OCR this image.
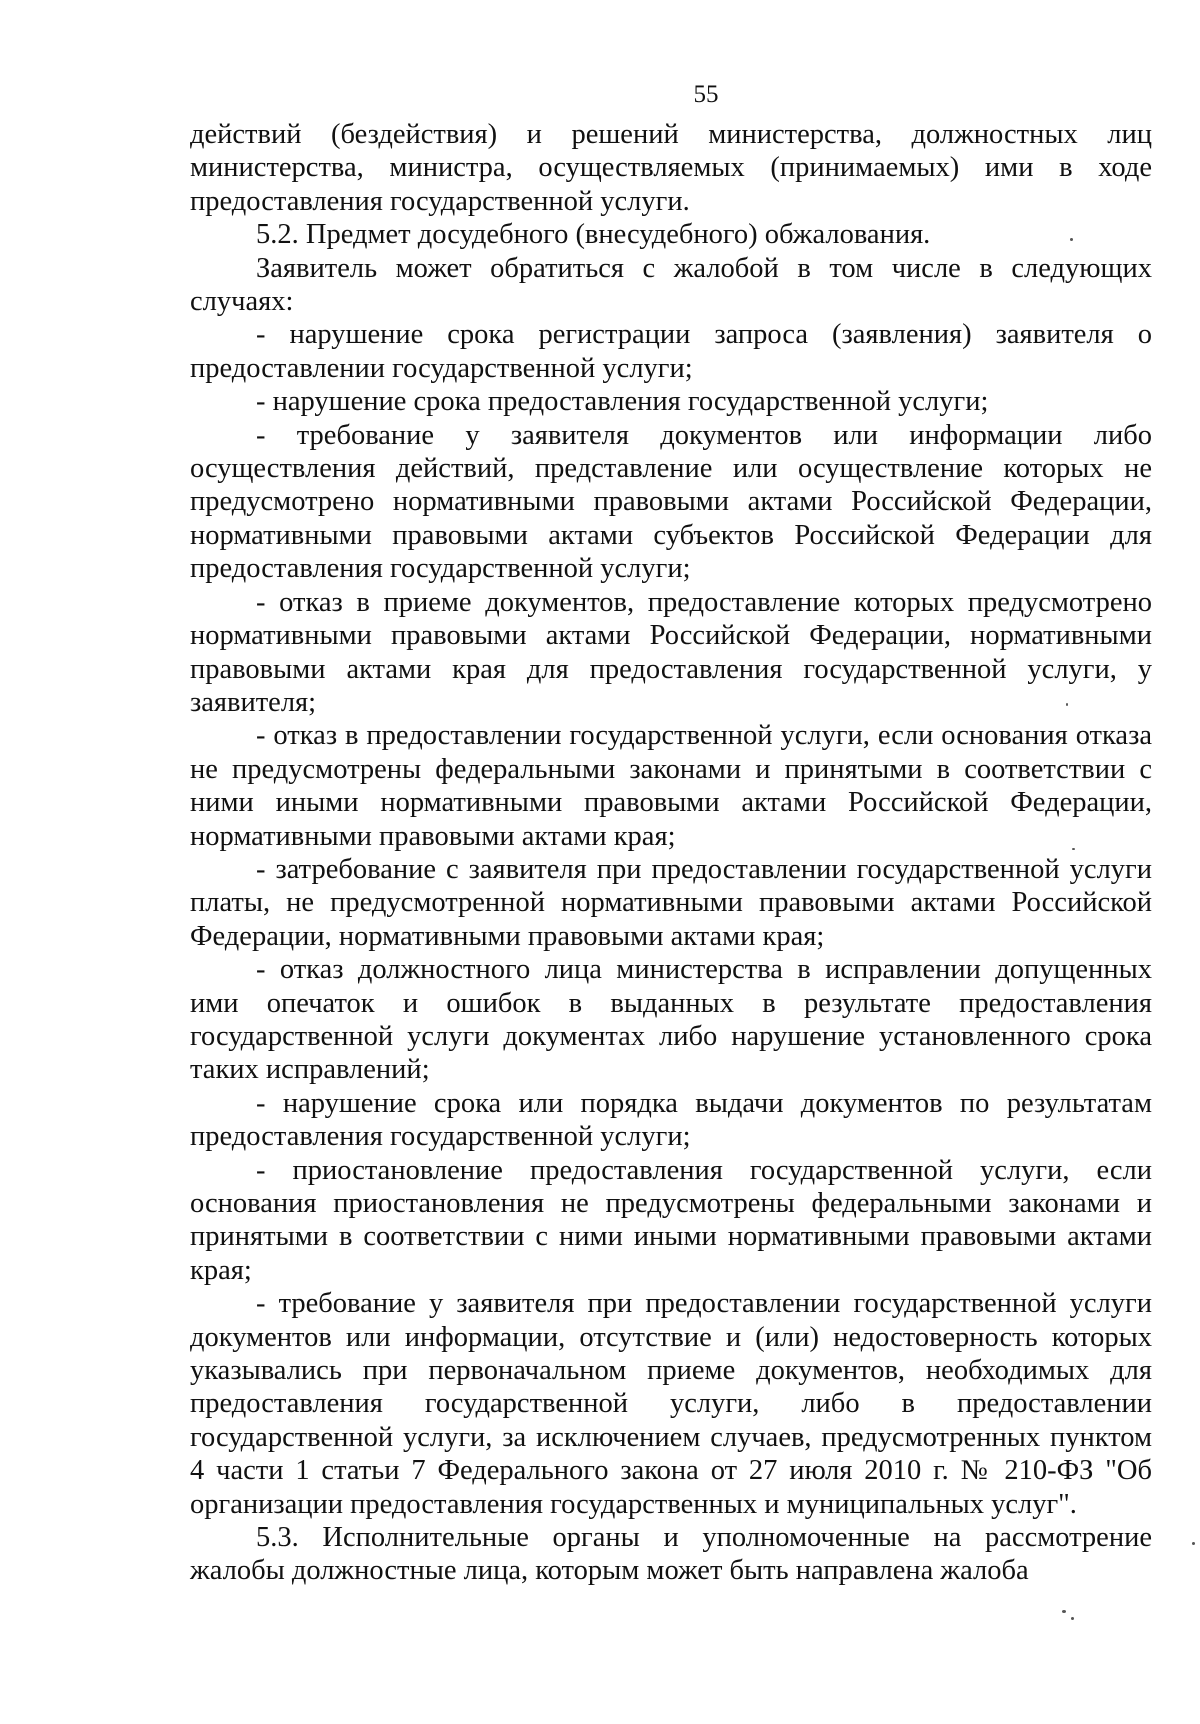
55

действий (бездействия) и решений министерства, должностных лиц министерства, министра, осуществляемых (принимаемых) ими в ходе предоставления государственной услуги.

5.2. Предмет досудебного (внесудебного) обжалования.

Заявитель может обратиться с жалобой в том числе в следующих случаях:

- нарушение срока регистрации запроса (заявления) заявителя о предоставлении государственной услуги;

- нарушение срока предоставления государственной услуги;

- требование у заявителя документов или информации либо осуществления действий, представление или осуществление которых не предусмотрено нормативными правовыми актами Российской Федерации, нормативными правовыми актами субъектов Российской Федерации для предоставления государственной услуги;

- отказ в приеме документов, предоставление которых предусмотрено нормативными правовыми актами Российской Федерации, нормативными правовыми актами края для предоставления государственной услуги, у заявителя;

- отказ в предоставлении государственной услуги, если основания отказа не предусмотрены федеральными законами и принятыми в соответствии с ними иными нормативными правовыми актами Российской Федерации, нормативными правовыми актами края;

- затребование с заявителя при предоставлении государственной услуги платы, не предусмотренной нормативными правовыми актами Российской Федерации, нормативными правовыми актами края;

- отказ должностного лица министерства в исправлении допущенных ими опечаток и ошибок в выданных в результате предоставления государственной услуги документах либо нарушение установленного срока таких исправлений;

- нарушение срока или порядка выдачи документов по результатам предоставления государственной услуги;

- приостановление предоставления государственной услуги, если основания приостановления не предусмотрены федеральными законами и принятыми в соответствии с ними иными нормативными правовыми актами края;

- требование у заявителя при предоставлении государственной услуги документов или информации, отсутствие и (или) недостоверность которых указывались при первоначальном приеме документов, необходимых для предоставления государственной услуги, либо в предоставлении государственной услуги, за исключением случаев, предусмотренных пунктом 4 части 1 статьи 7 Федерального закона от 27 июля 2010 г. № 210-ФЗ "Об организации предоставления государственных и муниципальных услуг".

5.3. Исполнительные органы и уполномоченные на рассмотрение жалобы должностные лица, которым может быть направлена жалоба
